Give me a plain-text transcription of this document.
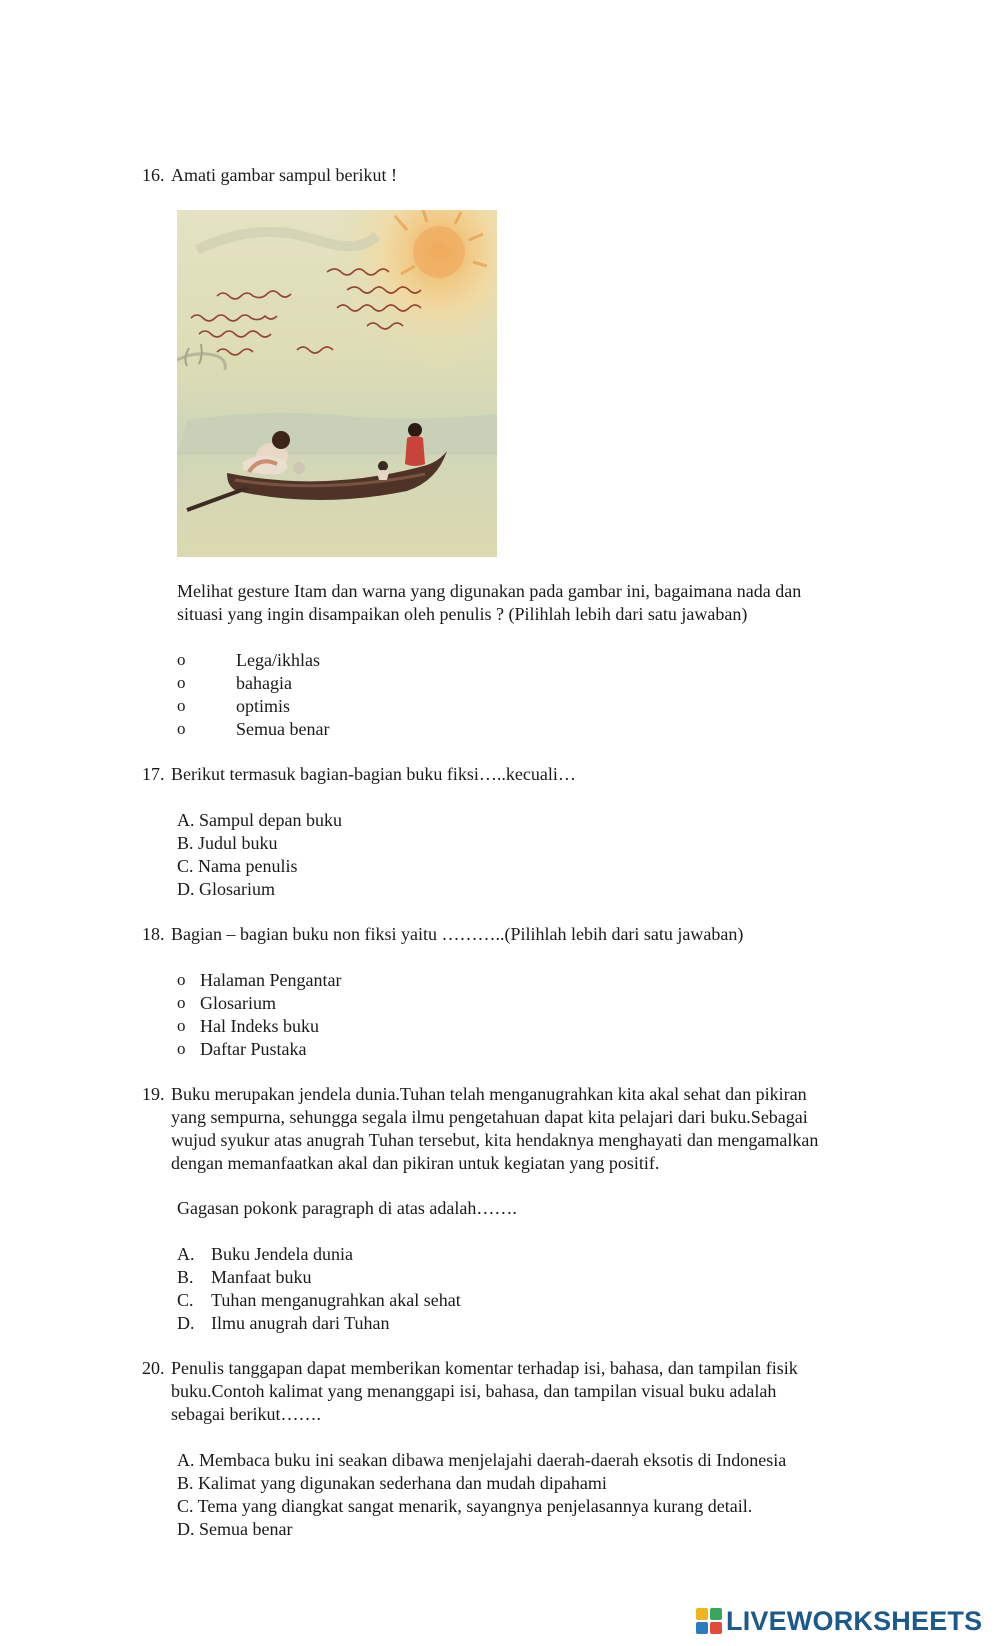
16. Amati gambar sampul berikut !
Melihat gesture Itam dan warna yang digunakan pada gambar ini, bagaimana nada dan
situasi yang ingin disampaikan oleh penulis ? (Pilihlah lebih dari satu jawaban)
o	Lega/ikhlas
o	bahagia
o	optimis
o	Semua benar
17. Berikut termasuk bagian-bagian buku fiksi…..kecuali…
A. Sampul depan buku
B. Judul buku
C. Nama penulis
D. Glosarium
18. Bagian – bagian buku non fiksi yaitu ………..(Pilihlah lebih dari satu jawaban)
o Halaman Pengantar
o Glosarium
o Hal Indeks buku
o Daftar Pustaka
19. Buku merupakan jendela dunia.Tuhan telah menganugrahkan kita akal sehat dan pikiran
yang sempurna, sehungga segala ilmu pengetahuan dapat kita pelajari dari buku.Sebagai
wujud syukur atas anugrah Tuhan tersebut, kita hendaknya menghayati dan mengamalkan
dengan memanfaatkan akal dan pikiran untuk kegiatan yang positif.
Gagasan pokonk paragraph di atas adalah…….
A. Buku Jendela dunia
B. Manfaat buku
C. Tuhan menganugrahkan akal sehat
D. Ilmu anugrah dari Tuhan
20. Penulis tanggapan dapat memberikan komentar terhadap isi, bahasa, dan tampilan fisik
buku.Contoh kalimat yang menanggapi isi, bahasa, dan tampilan visual buku adalah
sebagai berikut…….
A. Membaca buku ini seakan dibawa menjelajahi daerah-daerah eksotis di Indonesia
B. Kalimat yang digunakan sederhana dan mudah dipahami
C. Tema yang diangkat sangat menarik, sayangnya penjelasannya kurang detail.
D. Semua benar
LIVEWORKSHEETS
